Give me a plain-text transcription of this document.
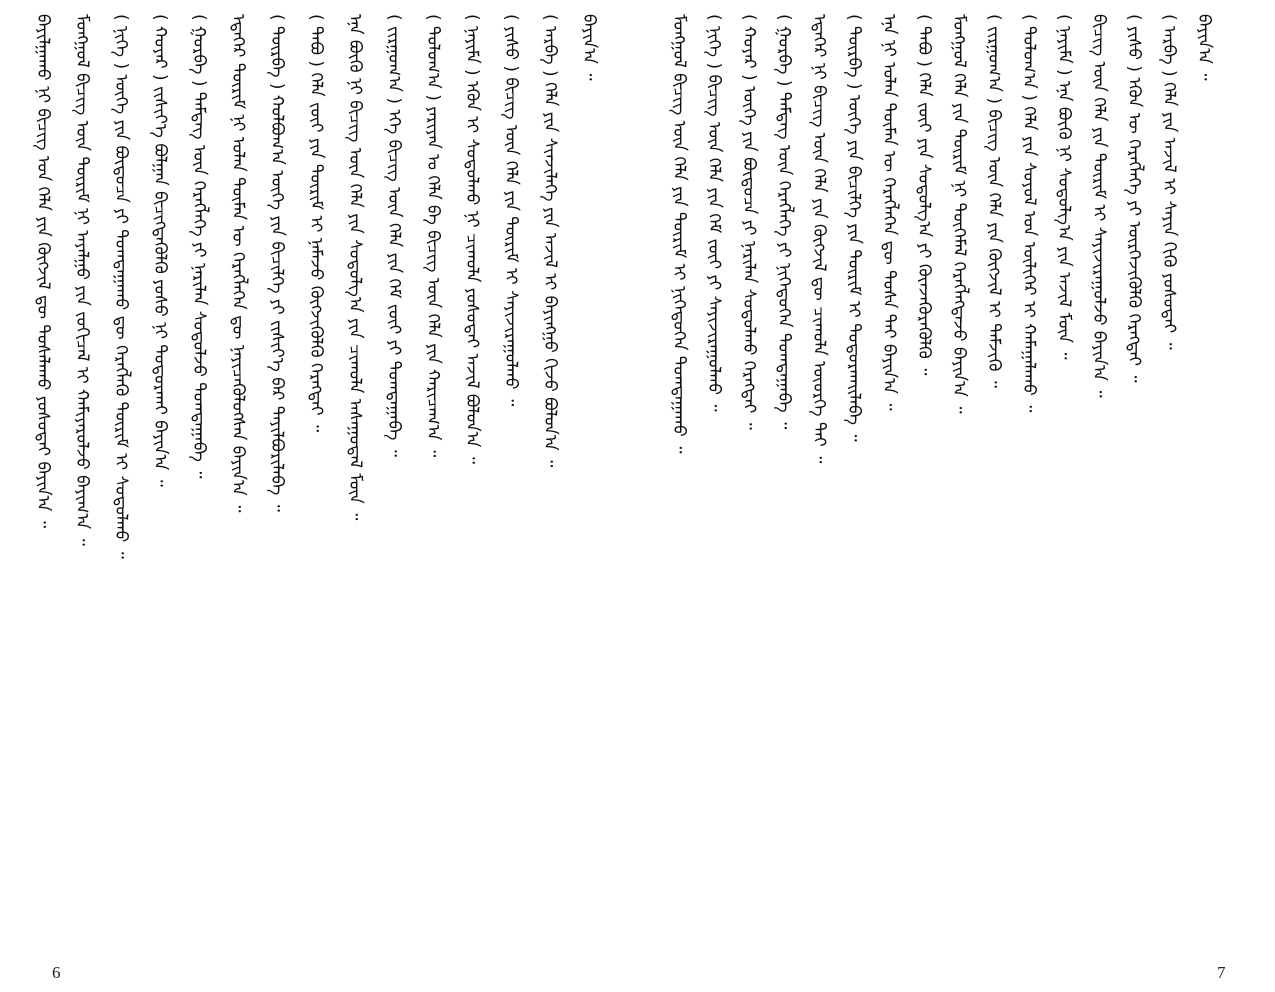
ᠪᠠᠶᠢᠯᠭᠠᠬᠤ ᠨᠢ ᠪᠢᠴᠢᠭ ᠤᠨ ᠬᠡᠯᠡ ᠶᠢᠨ ᠬᠥᠭᠵᠢᠯ ᠳᠦ ᠲᠤᠰᠠᠯᠠᠬᠤ ᠶᠤᠰᠤᠲᠠᠢ ᠪᠠᠶᠢᠨ᠎ᠠ ᠃ ᠮᠣᠩᠭᠣᠯ ᠪᠢᠴᠢᠭ ᠦᠨ ᠳᠦᠷᠢᠮ ᠨᠢ ᠠᠶᠠᠯᠭᠤ ᠶᠢᠨ ᠵᠣᠬᠢᠴᠠᠯ ᠢ ᠬᠠᠮᠢᠶᠠᠷᠤᠯᠵᠤ ᠪᠠᠶᠢᠭ᠎ᠠ ᠃ ( ᠨᠢᠭᠡ ) ᠦᠭᠡ ᠶᠢᠨ ᠪᠦᠲᠦᠴᠡ ᠶᠢ ᠲᠣᠭᠲᠠᠭᠠᠬᠤ ᠳᠦ ᠬᠡᠷᠡᠭᠯᠡᠬᠦ ᠳᠦᠷᠢᠮ ᠢ ᠰᠤᠳᠤᠯᠬᠤ ᠃ ( ᠬᠣᠶᠠᠷ ) ᠵᠢᠱᠢᠶ᠎ᠡ ᠪᠣᠯᠭᠠᠨ ᠪᠢᠴᠢᠭᠳᠡᠭᠦᠯᠬᠦ ᠶᠣᠰᠤ ᠨᠢ ᠲᠣᠳᠣᠷᠬᠠᠢ ᠪᠠᠶᠢᠨ᠎ᠠ ᠃ ( ᠭᠤᠷᠪᠠ ) ᠲᠡᠮᠳᠡᠭ ᠦᠨ ᠬᠡᠷᠡᠭᠯᠡᠭᠡ ᠶᠢ ᠨᠠᠷᠢᠯᠠᠨ ᠰᠤᠳᠤᠯᠵᠤ ᠲᠣᠭᠲᠠᠭᠠᠪᠠ ᠃ ᠡᠳᠡᠭᠡᠷ ᠳᠦᠷᠢᠮ ᠨᠢ ᠣᠯᠠᠨ ᠲᠦᠮᠡᠨ ᠦ ᠬᠡᠷᠡᠭᠯᠡᠭᠡᠨ ᠳᠦ ᠨᠡᠶᠢᠴᠡᠭᠦᠯᠦᠭᠰᠡᠨ ᠪᠠᠶᠢᠨ᠎ᠠ ᠃ ( ᠳᠥᠷᠪᠡ ) ᠬᠣᠯᠪᠣᠭ᠎ᠠ ᠦᠭᠡ ᠶᠢᠨ ᠪᠢᠴᠢᠯᠭᠡ ᠶᠢ ᠵᠢᠱᠢᠶ᠎ᠡ ᠪᠡᠷ ᠲᠠᠶᠢᠯᠪᠤᠷᠢᠯᠠᠪᠠ ᠃ ( ᠲᠠᠪᠤ ) ᠬᠡᠯᠡ ᠵᠦᠢ ᠶᠢᠨ ᠳᠦᠷᠢᠮ ᠢ ᠨᠡᠮᠡᠵᠦ ᠬᠥᠭᠵᠢᠭᠦᠯᠬᠦ ᠬᠡᠷᠡᠭᠲᠡᠢ ᠃ ᠡᠨᠡ ᠪᠦᠬᠦ ᠨᠢ ᠪᠢᠴᠢᠭ ᠦᠨ ᠬᠡᠯᠡ ᠶᠢᠨ ᠰᠤᠳᠤᠯᠭ᠎ᠠ ᠶᠢᠨ ᠴᠢᠬᠤᠯᠠ ᠠᠰᠠᠭᠤᠳᠠᠯ ᠮᠥᠨ ᠃ ( ᠵᠢᠷᠭᠤᠭ᠎ᠠ ) ᠡᠬᠡ ᠪᠢᠴᠢᠭ ᠦᠨ ᠬᠡᠯᠡ ᠶᠢᠨ ᠬᠡᠮ ᠵᠦᠢ ᠶᠢ ᠲᠣᠭᠲᠠᠭᠠᠪᠠ ᠃ ( ᠳᠣᠯᠣᠭ᠎ᠠ ) ᠶᠠᠷᠢᠶᠠᠨ ᠤ ᠬᠡᠯᠡ ᠪᠠ ᠪᠢᠴᠢᠭ ᠦᠨ ᠬᠡᠯᠡ ᠶᠢᠨ ᠬᠠᠷᠢᠴᠠᠭ᠎ᠠ ᠃ ( ᠨᠠᠶᠢᠮᠠ ) ᠡᠭᠦᠨ ᠢ ᠰᠤᠳᠤᠯᠬᠤ ᠨᠢ ᠴᠢᠬᠤᠯᠠ ᠶᠤᠰᠤᠲᠠᠢ ᠠᠵᠢᠯ ᠪᠣᠯᠤᠨ᠎ᠠ ᠃ ( ᠶᠢᠰᠦ ) ᠪᠢᠴᠢᠭ ᠦᠨ ᠬᠡᠯᠡ ᠶᠢᠨ ᠳᠦᠷᠢᠮ ᠢ ᠰᠠᠶᠢᠵᠢᠷᠠᠭᠤᠯᠬᠤ ᠃ ( ᠠᠷᠪᠠ ) ᠬᠡᠯᠡ ᠶᠢᠨ ᠰᠢᠨᠵᠢᠯᠡᠭᠡ ᠶᠢᠨ ᠠᠵᠢᠯ ᠢ ᠪᠠᠶᠢᠩᠭᠤ ᠬᠢᠵᠦ ᠪᠣᠯᠤᠨ᠎ᠠ ᠃ ᠪᠠᠶᠢᠨ᠎ᠠ ᠃	ᠮᠣᠩᠭᠣᠯ ᠪᠢᠴᠢᠭ ᠦᠨ ᠬᠡᠯᠡ ᠶᠢᠨ ᠳᠦᠷᠢᠮ ᠢ ᠨᠢᠭᠡᠳᠦᠭᠡᠨ ᠲᠣᠭᠲᠠᠭᠠᠬᠤ ᠃ ( ᠨᠢᠭᠡ ) ᠪᠢᠴᠢᠭ ᠦᠨ ᠬᠡᠯᠡ ᠶᠢᠨ ᠬᠡᠮ ᠵᠦᠢ ᠶᠢ ᠰᠠᠶᠢᠵᠢᠷᠠᠭᠤᠯᠬᠤ ᠃ ( ᠬᠣᠶᠠᠷ ) ᠦᠭᠡ ᠶᠢᠨ ᠪᠦᠲᠦᠴᠡ ᠶᠢ ᠨᠠᠷᠢᠯᠠᠨ ᠰᠤᠳᠤᠯᠬᠤ ᠬᠡᠷᠡᠭᠲᠡᠢ ᠃ ( ᠭᠤᠷᠪᠠ ) ᠲᠡᠮᠳᠡᠭ ᠦᠨ ᠬᠡᠷᠡᠭᠯᠡᠭᠡ ᠶᠢ ᠨᠢᠭᠡᠳᠦᠭᠡᠨ ᠲᠣᠭᠲᠠᠭᠠᠪᠠ ᠃ ᠡᠳᠡᠭᠡᠷ ᠨᠢ ᠪᠢᠴᠢᠭ ᠦᠨ ᠬᠡᠯᠡ ᠶᠢᠨ ᠬᠥᠭᠵᠢᠯ ᠳᠦ ᠴᠢᠬᠤᠯᠠ ᠦᠦᠷᠭᠡ ᠲᠡᠢ ᠃ ( ᠳᠥᠷᠪᠡ ) ᠦᠭᠡ ᠶᠢᠨ ᠪᠢᠴᠢᠯᠭᠡ ᠶᠢᠨ ᠳᠦᠷᠢᠮ ᠢ ᠲᠣᠳᠣᠷᠬᠠᠢᠯᠠᠪᠠ ᠃ ᠡᠨᠡ ᠨᠢ ᠣᠯᠠᠨ ᠲᠦᠮᠡᠨ ᠦ ᠬᠡᠷᠡᠭᠯᠡᠭᠡᠨ ᠳᠦ ᠲᠤᠰᠠ ᠲᠠᠢ ᠪᠠᠶᠢᠨ᠎ᠠ ᠃ ( ᠲᠠᠪᠤ ) ᠬᠡᠯᠡ ᠵᠦᠢ ᠶᠢᠨ ᠰᠤᠳᠤᠯᠭ᠎ᠠ ᠶᠢ ᠭᠦᠨᠵᠡᠭᠦᠷᠡᠭᠦᠯᠬᠦ ᠃ ᠮᠣᠩᠭᠣᠯ ᠬᠡᠯᠡ ᠶᠢᠨ ᠳᠦᠷᠢᠮ ᠨᠢ ᠲᠦᠭᠡᠮᠡᠯ ᠬᠡᠷᠡᠭᠯᠡᠭᠳᠡᠵᠦ ᠪᠠᠶᠢᠨ᠎ᠠ ᠃ ( ᠵᠢᠷᠭᠤᠭ᠎ᠠ ) ᠪᠢᠴᠢᠭ ᠦᠨ ᠬᠡᠯᠡ ᠶᠢᠨ ᠬᠥᠭᠵᠢᠯ ᠢ ᠳᠡᠮᠵᠢᠬᠦ ᠃ ( ᠳᠣᠯᠣᠭ᠎ᠠ ) ᠬᠡᠯᠡ ᠶᠢᠨ ᠰᠣᠶᠣᠯ ᠤᠨ ᠦᠯᠢᠭᠡᠷ ᠢ ᠬᠠᠮᠠᠭᠠᠯᠠᠬᠤ ᠃ ( ᠨᠠᠶᠢᠮᠠ ) ᠡᠨᠡ ᠪᠦᠬᠦ ᠨᠢ ᠰᠤᠳᠤᠯᠭ᠎ᠠ ᠶᠢᠨ ᠠᠵᠢᠯ ᠮᠥᠨ ᠃ ᠪᠢᠴᠢᠭ ᠦᠨ ᠬᠡᠯᠡ ᠶᠢᠨ ᠳᠦᠷᠢᠮ ᠢ ᠰᠠᠶᠢᠵᠢᠷᠠᠭᠤᠯᠵᠤ ᠪᠠᠶᠢᠨ᠎ᠠ ᠃ ( ᠶᠢᠰᠦ ) ᠡᠭᠦᠨ ᠦ ᠬᠡᠷᠡᠭᠯᠡᠭᠡ ᠶᠢ ᠦᠷᠭᠡᠵᠢᠭᠦᠯᠬᠦ ᠬᠡᠷᠡᠭᠲᠡᠢ ᠃ ( ᠠᠷᠪᠠ ) ᠬᠡᠯᠡ ᠶᠢᠨ ᠠᠵᠢᠯ ᠢ ᠰᠠᠶᠢᠨ ᠬᠢᠬᠦ ᠶᠤᠰᠤᠲᠠᠢ ᠃ ᠪᠠᠶᠢᠨ᠎ᠠ ᠃
6	7
